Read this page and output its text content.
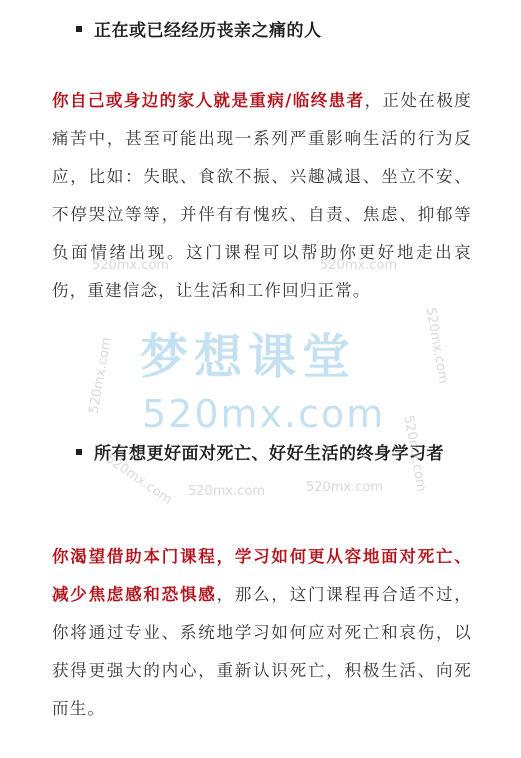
正在或已经经历丧亲之痛的人
你自己或身边的家人就是重病/临终患者，正处在极度痛苦中，甚至可能出现一系列严重影响生活的行为反应，比如：失眠、食欲不振、兴趣减退、坐立不安、不停哭泣等等，并伴有有愧疚、自责、焦虑、抑郁等负面情绪出现。这门课程可以帮助你更好地走出哀伤，重建信念，让生活和工作回归正常。
所有想更好面对死亡、好好生活的终身学习者
你渴望借助本门课程，学习如何更从容地面对死亡、减少焦虑感和恐惧感，那么，这门课程再合适不过，你将通过专业、系统地学习如何应对死亡和哀伤，以获得更强大的内心，重新认识死亡，积极生活、向死而生。
梦想课堂
520mx.com
520mx.com	520mx.com
520mx.com
520mx.com
520mx.com	520mx.com 520mx.com
520mx.com
